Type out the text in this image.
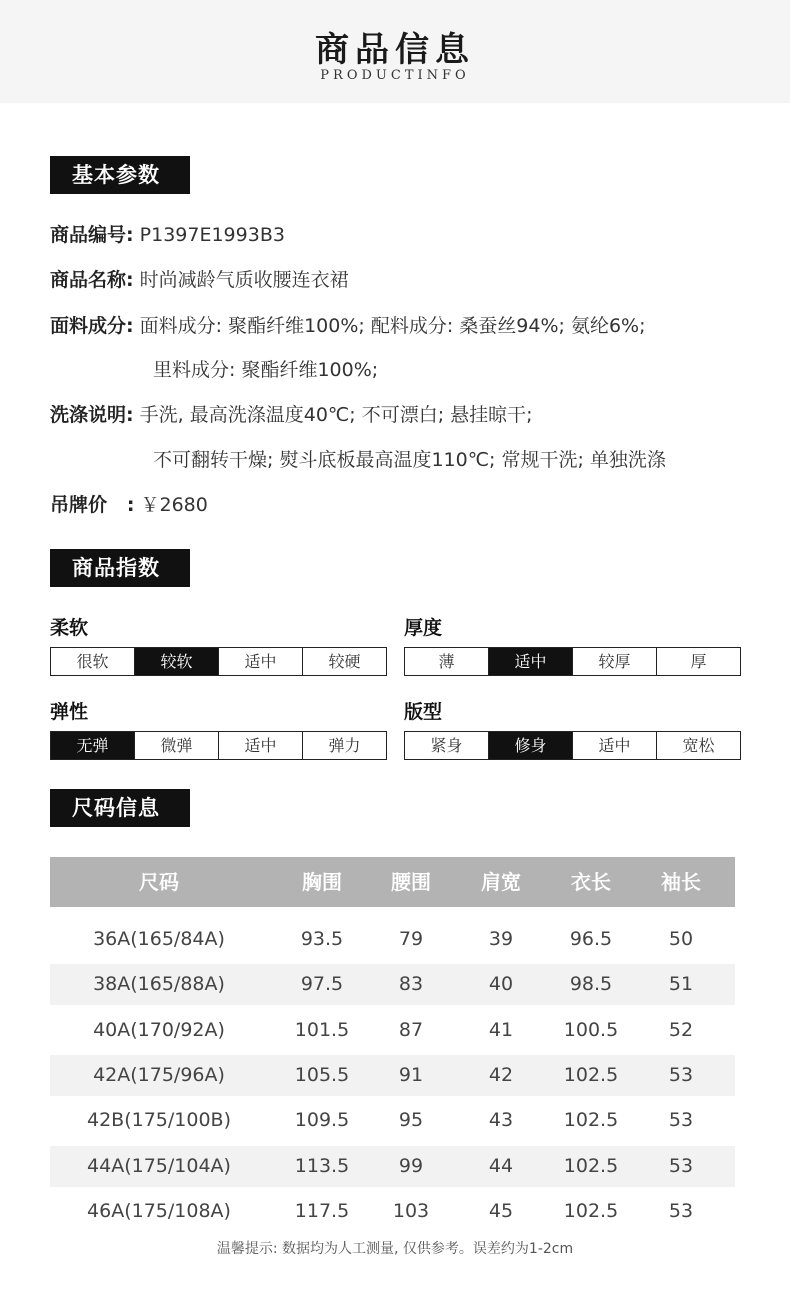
商品信息
PRODUCTINFO
基本参数
商品编号: P1397E1993B3
商品名称: 时尚减龄气质收腰连衣裙
面料成分: 面料成分: 聚酯纤维100%; 配料成分: 桑蚕丝94%; 氨纶6%;
里料成分: 聚酯纤维100%;
洗涤说明: 手洗, 最高洗涤温度40℃; 不可漂白; 悬挂晾干;
不可翻转干燥; 熨斗底板最高温度110℃; 常规干洗; 单独洗涤
吊牌价   : ￥2680
商品指数
柔软
很软	较软	适中	较硬
厚度
薄	适中	较厚	厚
弹性
无弹	微弹	适中	弹力
版型
紧身	修身	适中	宽松
尺码信息
尺码	胸围	腰围	肩宽	衣长	袖长
36A(165/84A)	93.5	79	39	96.5	50
38A(165/88A)	97.5	83	40	98.5	51
40A(170/92A)	101.5	87	41	100.5	52
42A(175/96A)	105.5	91	42	102.5	53
42B(175/100B)	109.5	95	43	102.5	53
44A(175/104A)	113.5	99	44	102.5	53
46A(175/108A)	117.5	103	45	102.5	53
温馨提示: 数据均为人工测量, 仅供参考。误差约为1-2cm
